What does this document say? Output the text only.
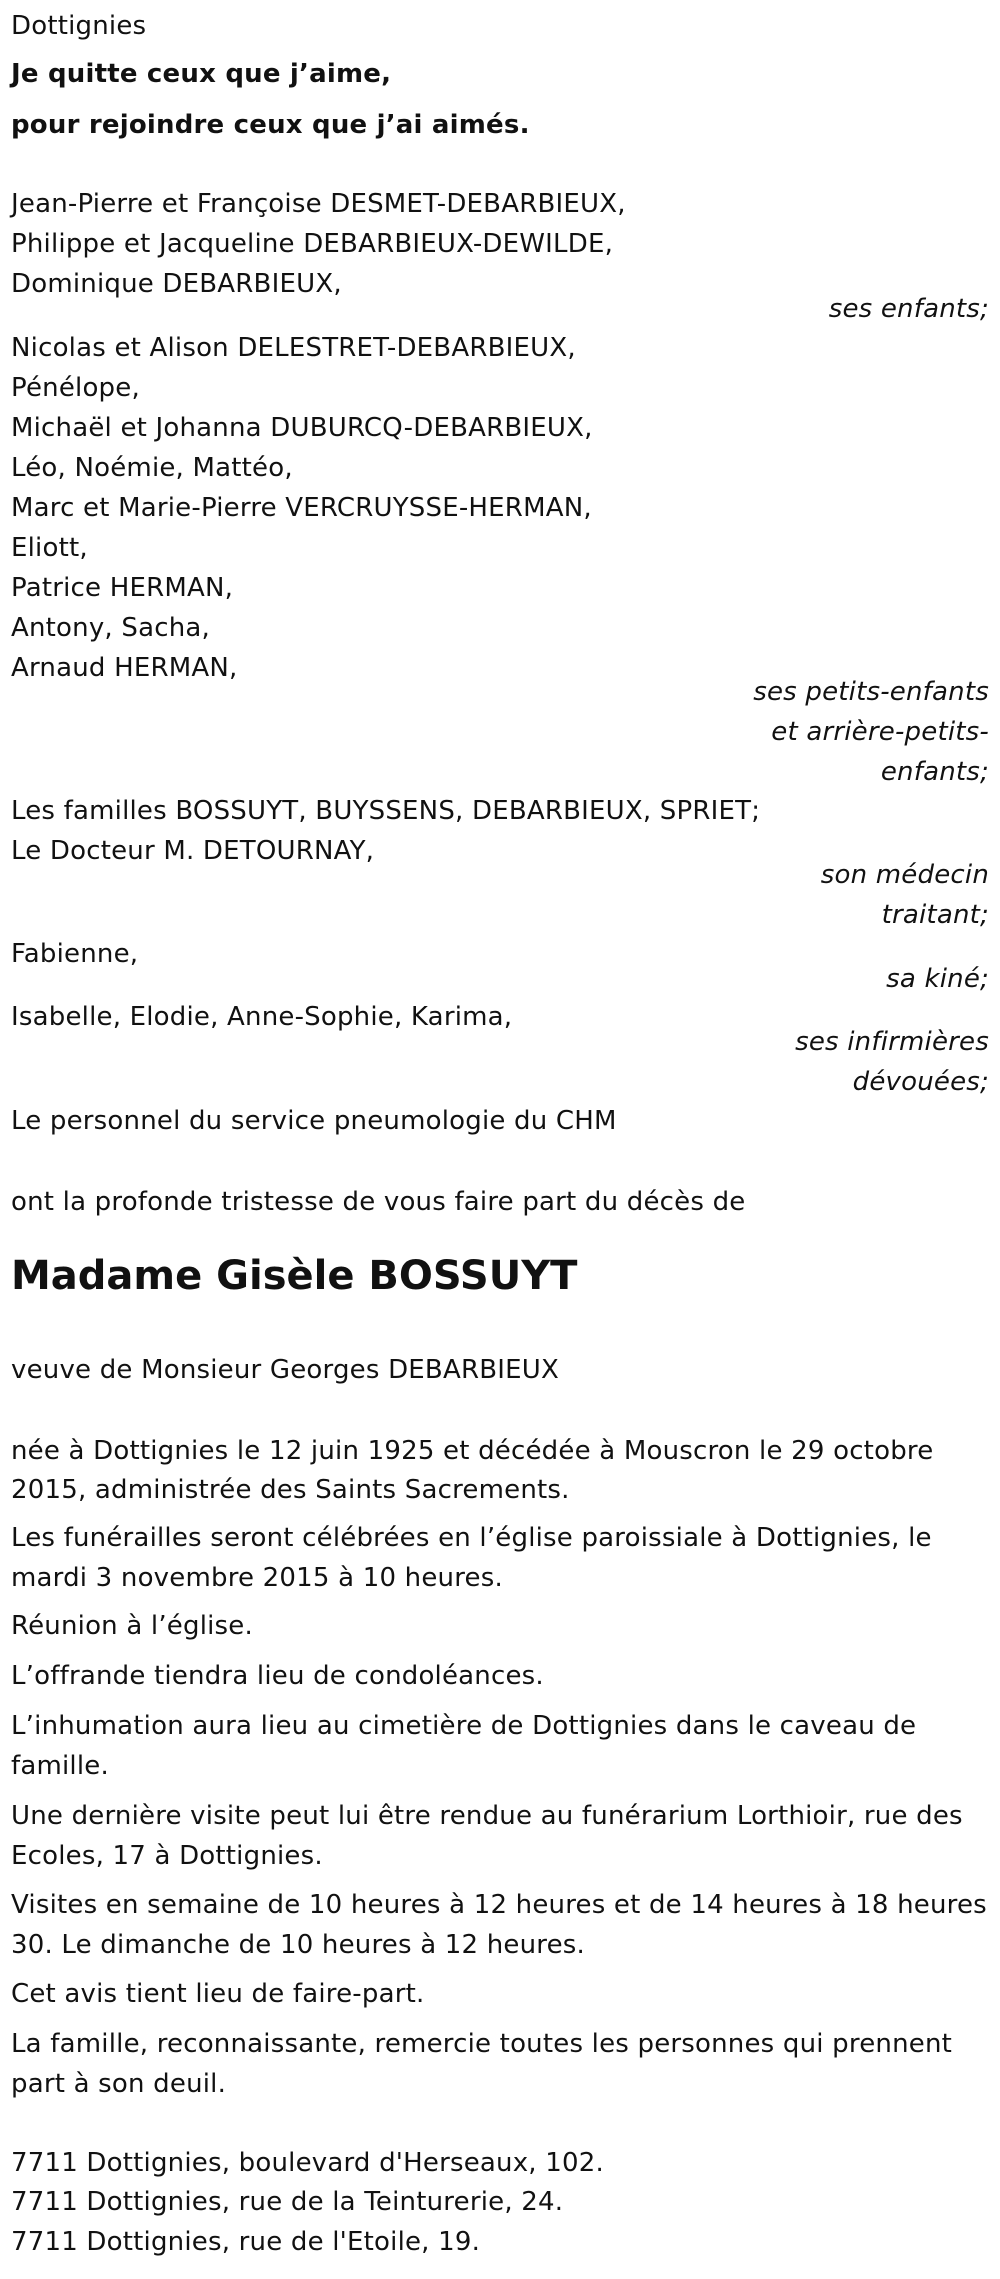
Dottignies
Je quitte ceux que j’aime,
pour rejoindre ceux que j’ai aimés.
Jean-Pierre et Françoise DESMET-DEBARBIEUX,
Philippe et Jacqueline DEBARBIEUX-DEWILDE,
Dominique DEBARBIEUX,
ses enfants;
Nicolas et Alison DELESTRET-DEBARBIEUX,
Pénélope,
Michaël et Johanna DUBURCQ-DEBARBIEUX,
Léo, Noémie, Mattéo,
Marc et Marie-Pierre VERCRUYSSE-HERMAN,
Eliott,
Patrice HERMAN,
Antony, Sacha,
Arnaud HERMAN,
ses petits-enfants
et arrière-petits-
enfants;
Les familles BOSSUYT, BUYSSENS, DEBARBIEUX, SPRIET;
Le Docteur M. DETOURNAY,
son médecin
traitant;
Fabienne,
sa kiné;
Isabelle, Elodie, Anne-Sophie, Karima,
ses infirmières
dévouées;
Le personnel du service pneumologie du CHM
ont la profonde tristesse de vous faire part du décès de
Madame Gisèle BOSSUYT
veuve de Monsieur Georges DEBARBIEUX
née à Dottignies le 12 juin 1925 et décédée à Mouscron le 29 octobre
2015, administrée des Saints Sacrements.
Les funérailles seront célébrées en l’église paroissiale à Dottignies, le
mardi 3 novembre 2015 à 10 heures.
Réunion à l’église.
L’offrande tiendra lieu de condoléances.
L’inhumation aura lieu au cimetière de Dottignies dans le caveau de
famille.
Une dernière visite peut lui être rendue au funérarium Lorthioir, rue des
Ecoles, 17 à Dottignies.
Visites en semaine de 10 heures à 12 heures et de 14 heures à 18 heures
30. Le dimanche de 10 heures à 12 heures.
Cet avis tient lieu de faire-part.
La famille, reconnaissante, remercie toutes les personnes qui prennent
part à son deuil.
7711 Dottignies, boulevard d'Herseaux, 102.
7711 Dottignies, rue de la Teinturerie, 24.
7711 Dottignies, rue de l'Etoile, 19.
